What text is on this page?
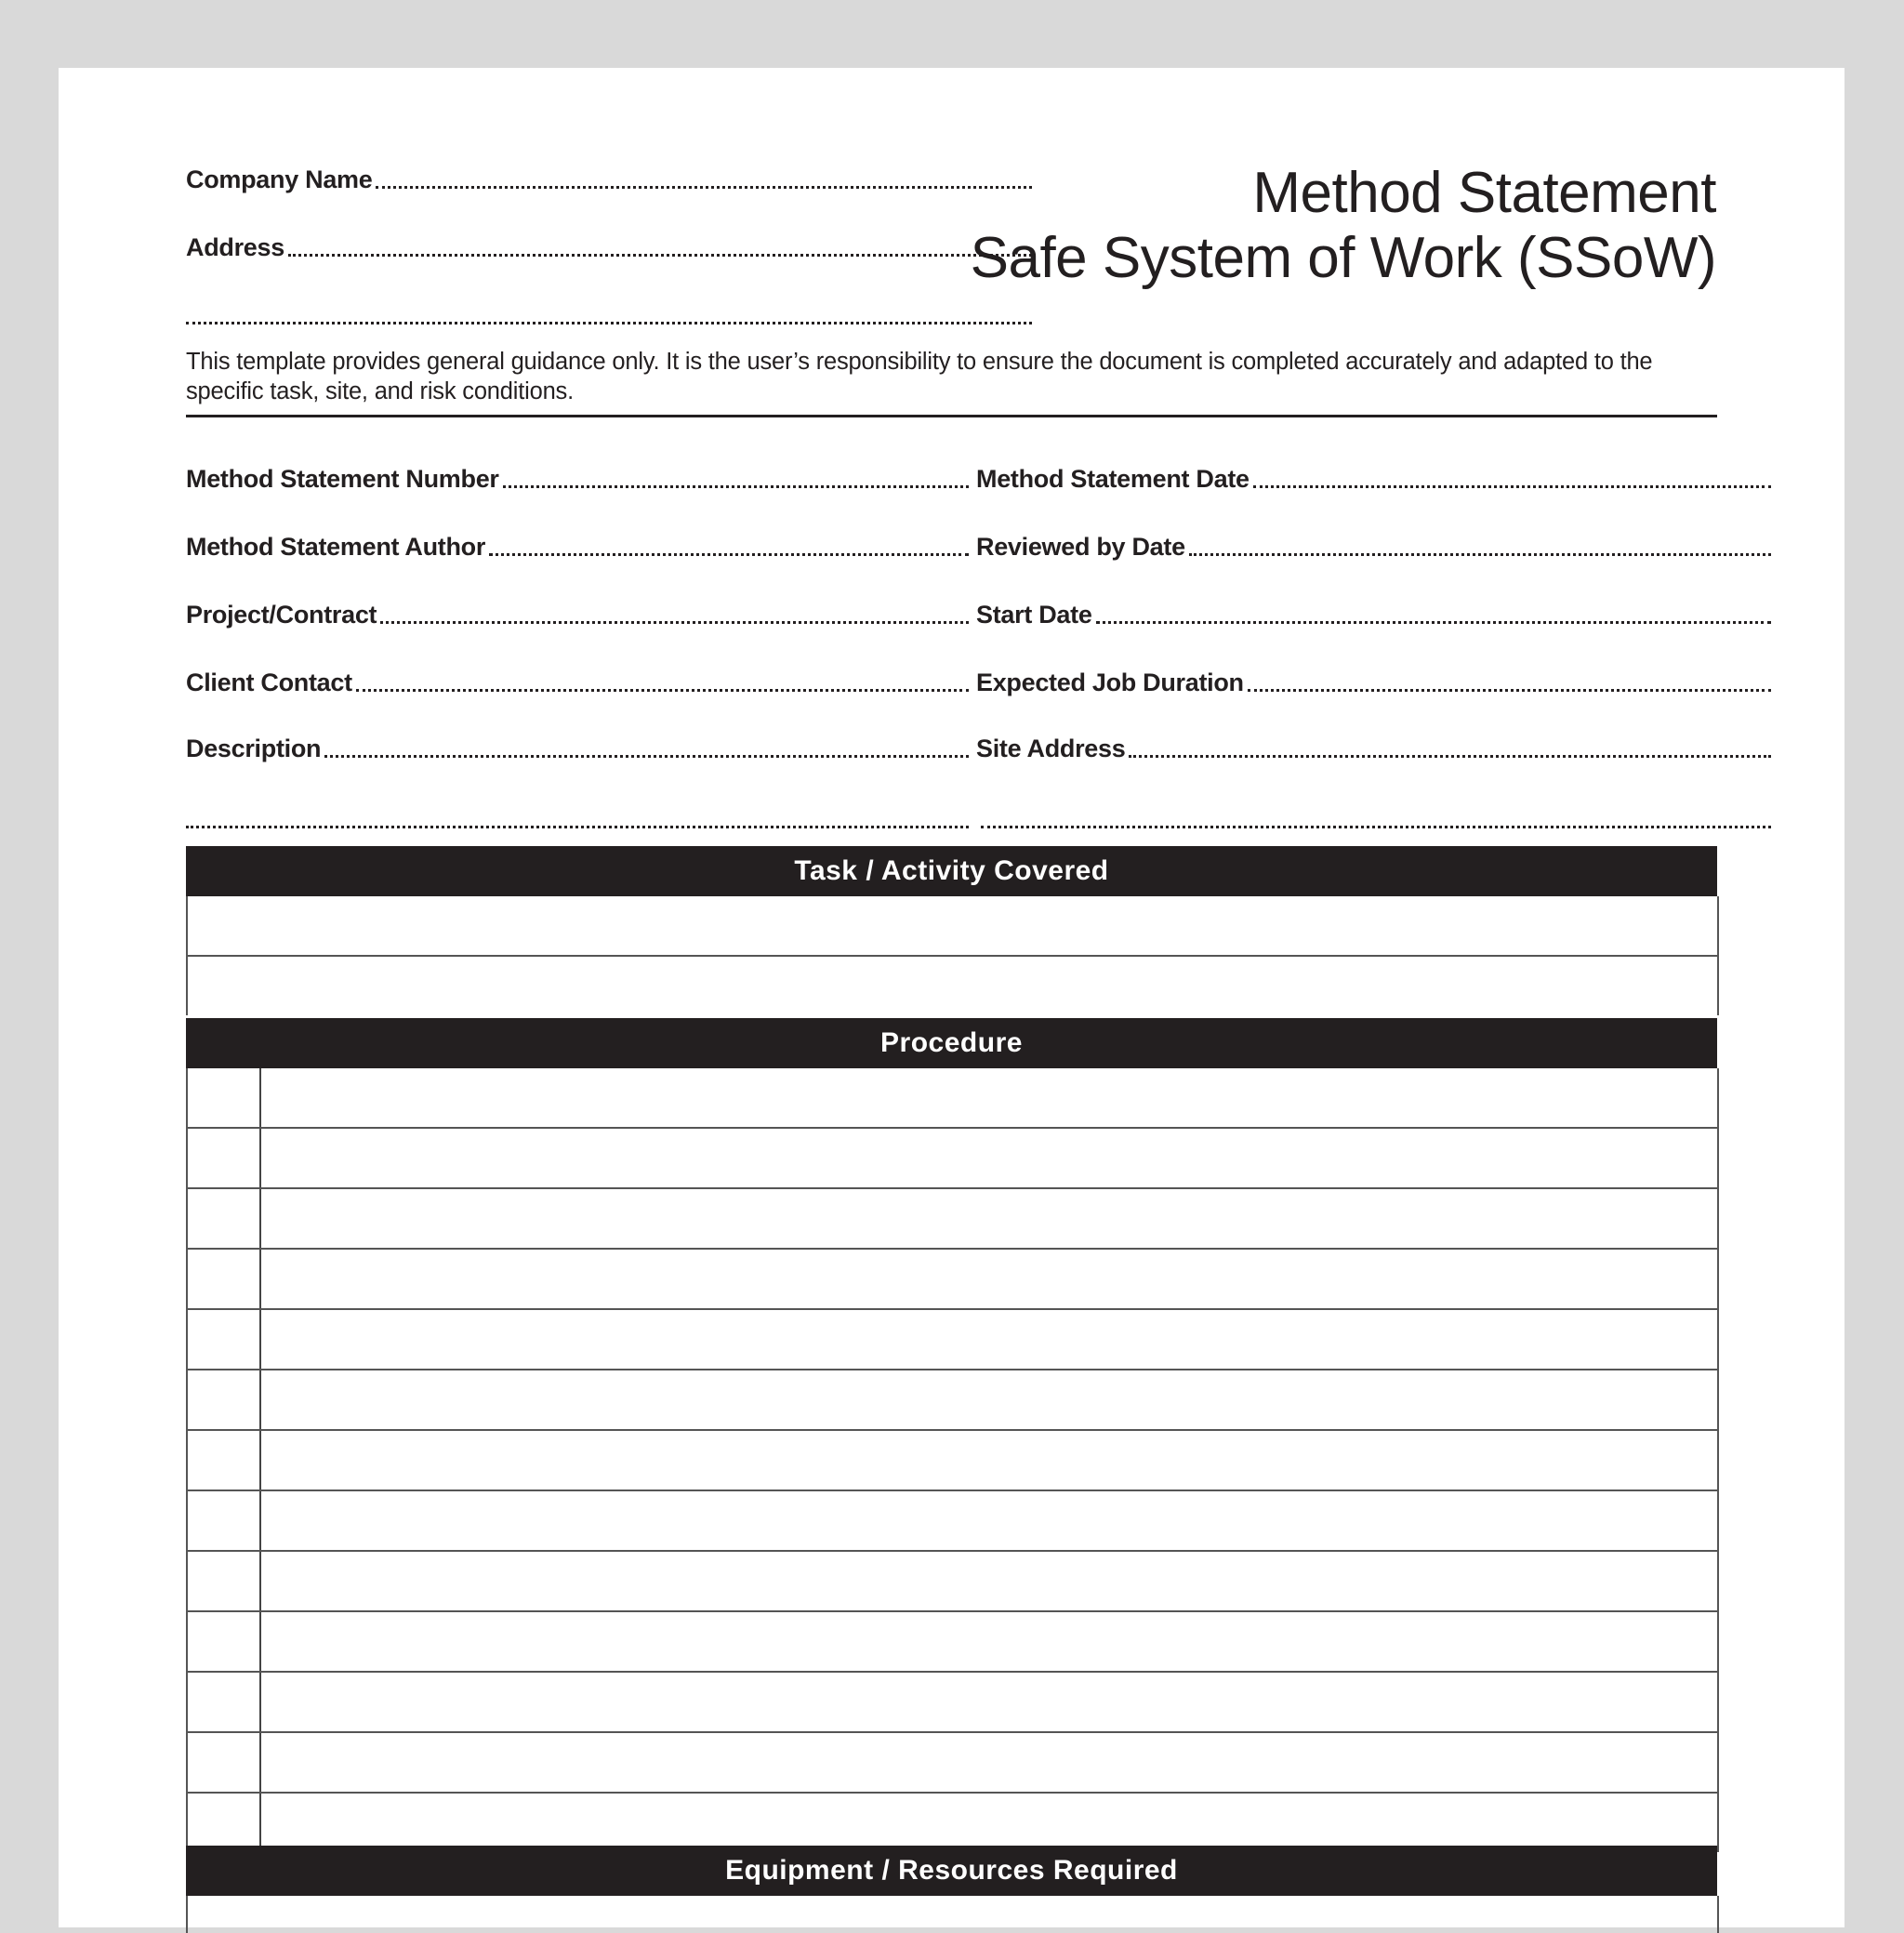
Company Name
Address
Method Statement
Safe System of Work (SSoW)
This template provides general guidance only. It is the user’s responsibility to ensure the document is completed accurately and adapted to the specific task, site, and risk conditions.
Method Statement Number
Method Statement Author
Project/Contract
Client Contact
Description
Method Statement Date
Reviewed by Date
Start Date
Expected Job Duration
Site Address
Task / Activity Covered
Procedure
Equipment / Resources Required
